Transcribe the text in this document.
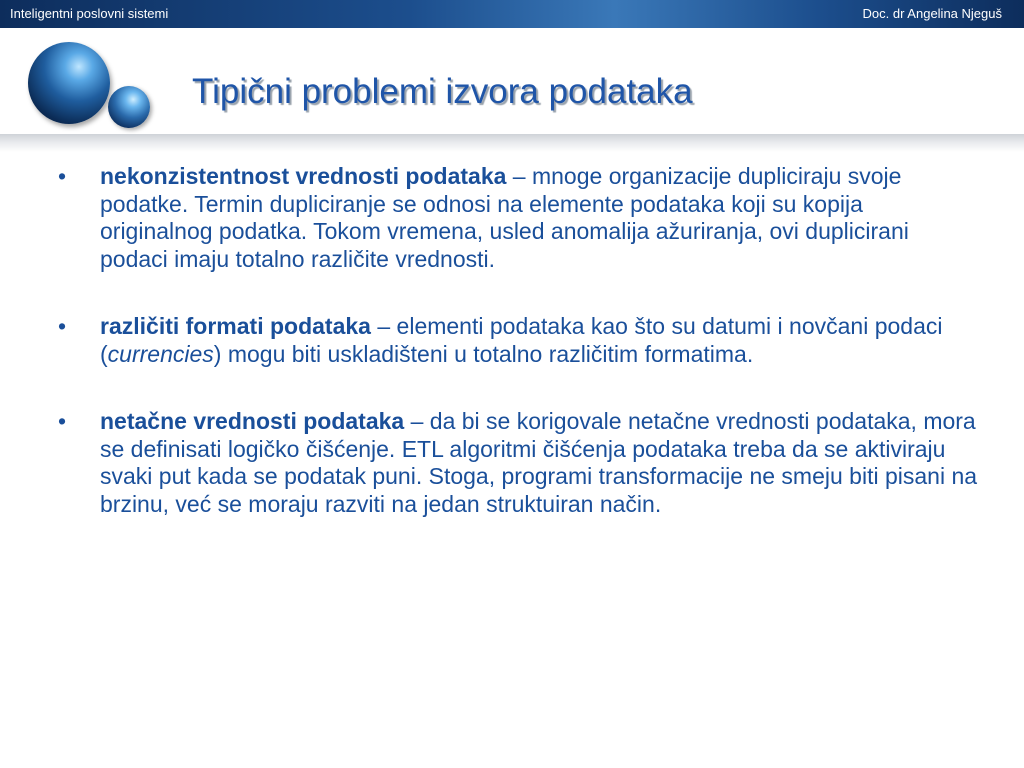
Inteligentni poslovni sistemi	Doc. dr Angelina Njeguš
Tipični problemi izvora podataka
• nekonzistentnost vrednosti podataka – mnoge organizacije dupliciraju svoje podatke. Termin dupliciranje se odnosi na elemente podataka koji su kopija originalnog podatka. Tokom vremena, usled anomalija ažuriranja, ovi duplicirani podaci imaju totalno različite vrednosti.
• različiti formati podataka – elementi podataka kao što su datumi i novčani podaci (currencies) mogu biti uskladišteni u totalno različitim formatima.
• netačne vrednosti podataka – da bi se korigovale netačne vrednosti podataka, mora se definisati logičko čišćenje. ETL algoritmi čišćenja podataka treba da se aktiviraju svaki put kada se podatak puni. Stoga, programi transformacije ne smeju biti pisani na brzinu, već se moraju razviti na jedan struktuiran način.
